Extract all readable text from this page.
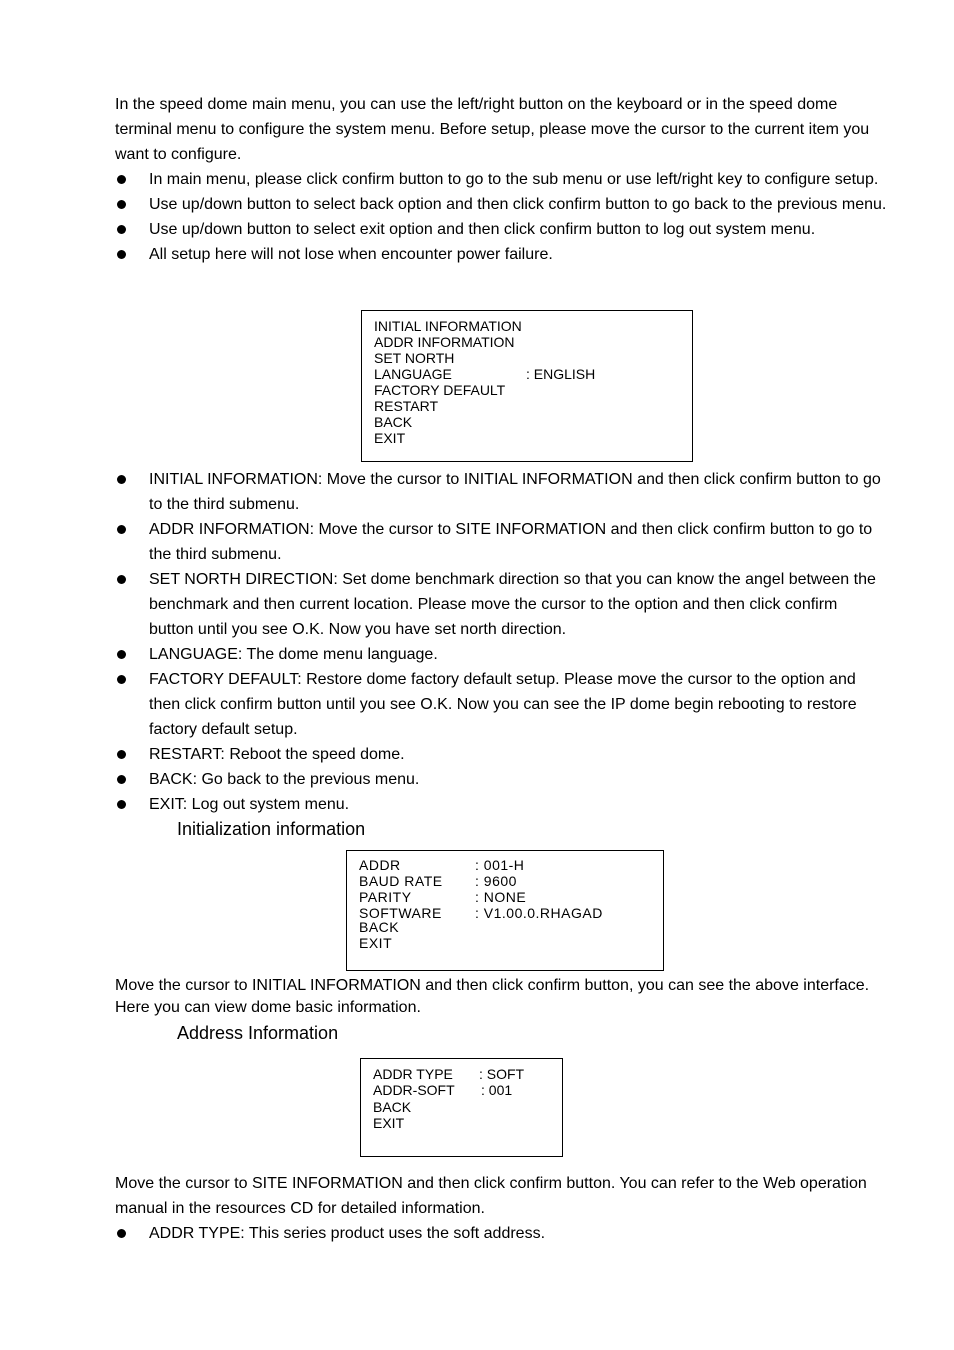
In the speed dome main menu, you can use the left/right button on the keyboard or in the speed dome
terminal menu to configure the system menu. Before setup, please move the cursor to the current item you
want to configure.
In main menu, please click confirm button to go to the sub menu or use left/right key to configure setup.
Use up/down button to select back option and then click confirm button to go back to the previous menu.
Use up/down button to select exit option and then click confirm button to log out system menu.
All setup here will not lose when encounter power failure.
INITIAL INFORMATION
ADDR INFORMATION
SET NORTH
LANGUAGE	: ENGLISH
FACTORY DEFAULT
RESTART
BACK
EXIT
INITIAL INFORMATION: Move the cursor to INITIAL INFORMATION and then click confirm button to go
to the third submenu.
ADDR INFORMATION: Move the cursor to SITE INFORMATION and then click confirm button to go to
the third submenu.
SET NORTH DIRECTION: Set dome benchmark direction so that you can know the angel between the
benchmark and then current location. Please move the cursor to the option and then click confirm
button until you see O.K. Now you have set north direction.
LANGUAGE: The dome menu language.
FACTORY DEFAULT: Restore dome factory default setup. Please move the cursor to the option and
then click confirm button until you see O.K. Now you can see the IP dome begin rebooting to restore
factory default setup.
RESTART: Reboot the speed dome.
BACK: Go back to the previous menu.
EXIT: Log out system menu.
Initialization information
ADDR	: 001-H
BAUD RATE : 9600
PARITY	: NONE
SOFTWARE : V1.00.0.RHAGAD
BACK
EXIT
Move the cursor to INITIAL INFORMATION and then click confirm button, you can see the above interface.
Here you can view dome basic information.
Address Information
ADDR TYPE : SOFT
ADDR-SOFT : 001
BACK
EXIT
Move the cursor to SITE INFORMATION and then click confirm button. You can refer to the Web operation
manual in the resources CD for detailed information.
ADDR TYPE: This series product uses the soft address.
